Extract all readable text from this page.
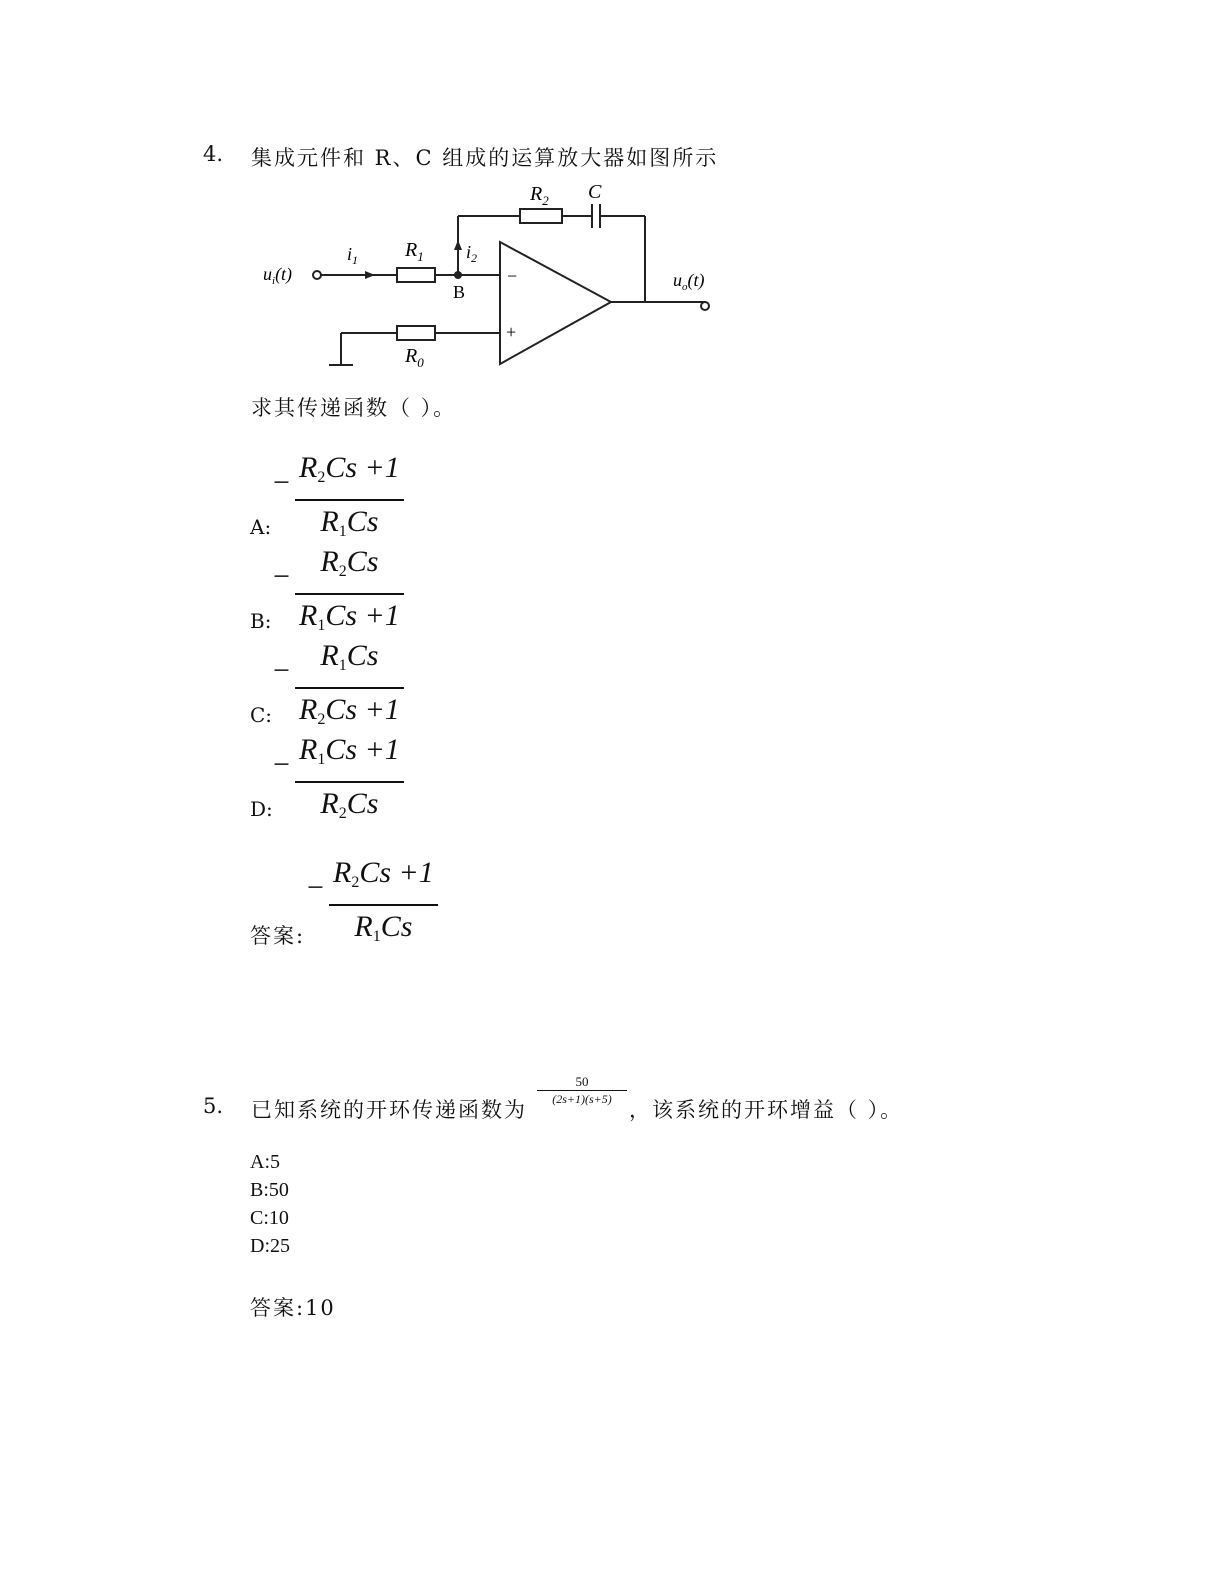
4. 集成元件和 R、C 组成的运算放大器如图所示
$R_2$ C
$u_i(t)$
$i_1$ $R_1$ $i_2$
B
−
+
$u_o(t)$
$R_0$
求其传递函数（ ）。
A:
− $R_2Cs +1$
$R_1Cs$
B:
−	$R_2Cs$
$R_1Cs +1$
C:
−	$R_1Cs$
$R_2Cs +1$
D:
− $R_1Cs +1$
$R_2Cs$
答案:
− $R_2Cs +1$
$R_1Cs$
5. 已知系统的开环传递函数为
50
(2s+1)(s+5) ，该系统的开环增益（ ）。
A:5
B:50
C:10
D:25
答案:10
